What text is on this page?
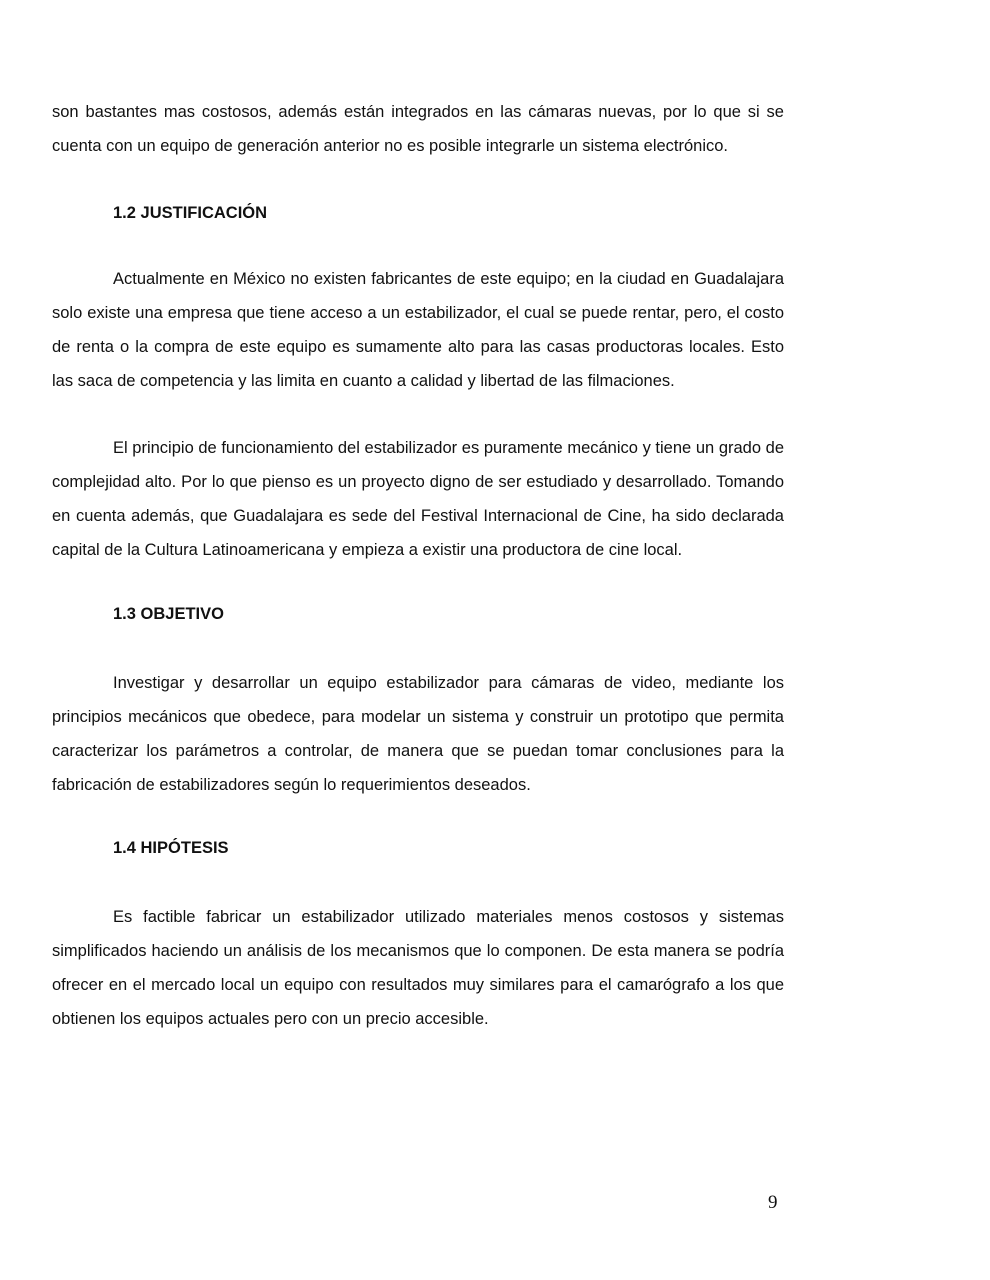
son bastantes mas costosos, además están integrados en las cámaras nuevas, por lo que si se cuenta con un equipo de generación anterior no es posible integrarle un sistema electrónico.

1.2 JUSTIFICACIÓN

Actualmente en México no existen fabricantes de este equipo; en la ciudad en Guadalajara solo existe una empresa que tiene acceso a un estabilizador, el cual se puede rentar, pero, el costo de renta o la compra de este equipo es sumamente alto para las casas productoras locales. Esto las saca de competencia y las limita en cuanto a calidad y libertad de las filmaciones.

El principio de funcionamiento del estabilizador es puramente mecánico y tiene un grado de complejidad alto. Por lo que pienso es un proyecto digno de ser estudiado y desarrollado. Tomando en cuenta además, que Guadalajara es sede del Festival Internacional de Cine, ha sido declarada capital de la Cultura Latinoamericana y empieza a existir una productora de cine local.

1.3 OBJETIVO

Investigar y desarrollar un equipo estabilizador para cámaras de video, mediante los principios mecánicos que obedece, para modelar un sistema y construir un prototipo que permita caracterizar los parámetros a controlar, de manera que se puedan tomar conclusiones para la fabricación de estabilizadores según lo requerimientos deseados.

1.4 HIPÓTESIS

Es factible fabricar un estabilizador utilizado materiales menos costosos y sistemas simplificados haciendo un análisis de los mecanismos que lo componen. De esta manera se podría ofrecer en el mercado local un equipo con resultados muy similares para el camarógrafo a los que obtienen los equipos actuales pero con un precio accesible.

9
